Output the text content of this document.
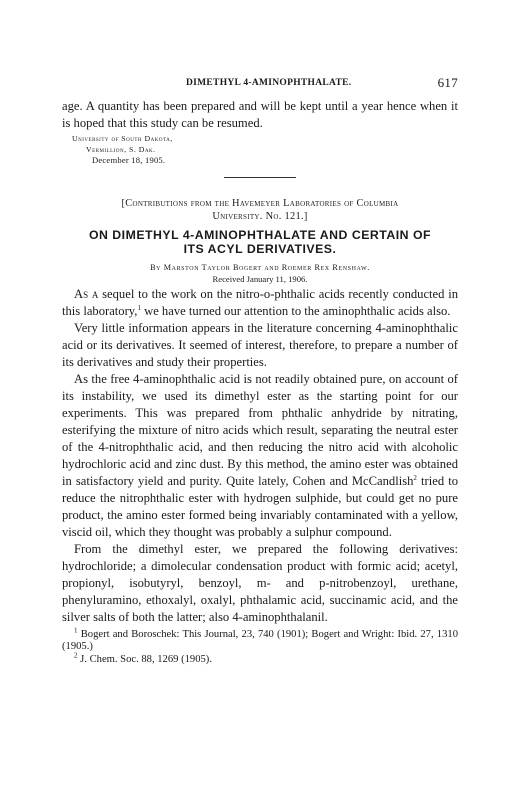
DIMETHYL 4-AMINOPHTHALATE.	617

age. A quantity has been prepared and will be kept until a year hence when it is hoped that this study can be resumed.

University of South Dakota,
Vermillion, S. Dak.
December 18, 1905.
[Contributions from the Havemeyer Laboratories of Columbia
University. No. 121.]
ON DIMETHYL 4-AMINOPHTHALATE AND CERTAIN OF
ITS ACYL DERIVATIVES.
By Marston Taylor Bogert and Roemer Rex Renshaw.
Received January 11, 1906.

As a sequel to the work on the nitro-o-phthalic acids recently conducted in this laboratory,$^1$ we have turned our attention to the aminophthalic acids also.

Very little information appears in the literature concerning 4-aminophthalic acid or its derivatives. It seemed of interest, therefore, to prepare a number of its derivatives and study their properties.

As the free 4-aminophthalic acid is not readily obtained pure, on account of its instability, we used its dimethyl ester as the starting point for our experiments. This was prepared from phthalic anhydride by nitrating, esterifying the mixture of nitro acids which result, separating the neutral ester of the 4-nitrophthalic acid, and then reducing the nitro acid with alcoholic hydrochloric acid and zinc dust. By this method, the amino ester was obtained in satisfactory yield and purity. Quite lately, Cohen and McCandlish$^2$ tried to reduce the nitrophthalic ester with hydrogen sulphide, but could get no pure product, the amino ester formed being invariably contaminated with a yellow, viscid oil, which they thought was probably a sulphur compound.

From the dimethyl ester, we prepared the following derivatives: hydrochloride; a dimolecular condensation product with formic acid; acetyl, propionyl, isobutyryl, benzoyl, m- and p-nitrobenzoyl, urethane, phenyluramino, ethoxalyl, oxalyl, phthalamic acid, succinamic acid, and the silver salts of both the latter; also 4-aminophthalanil.

$^1$ Bogert and Boroschek: This Journal, 23, 740 (1901); Bogert and Wright: Ibid. 27, 1310 (1905.)

$^2$ J. Chem. Soc. 88, 1269 (1905).
